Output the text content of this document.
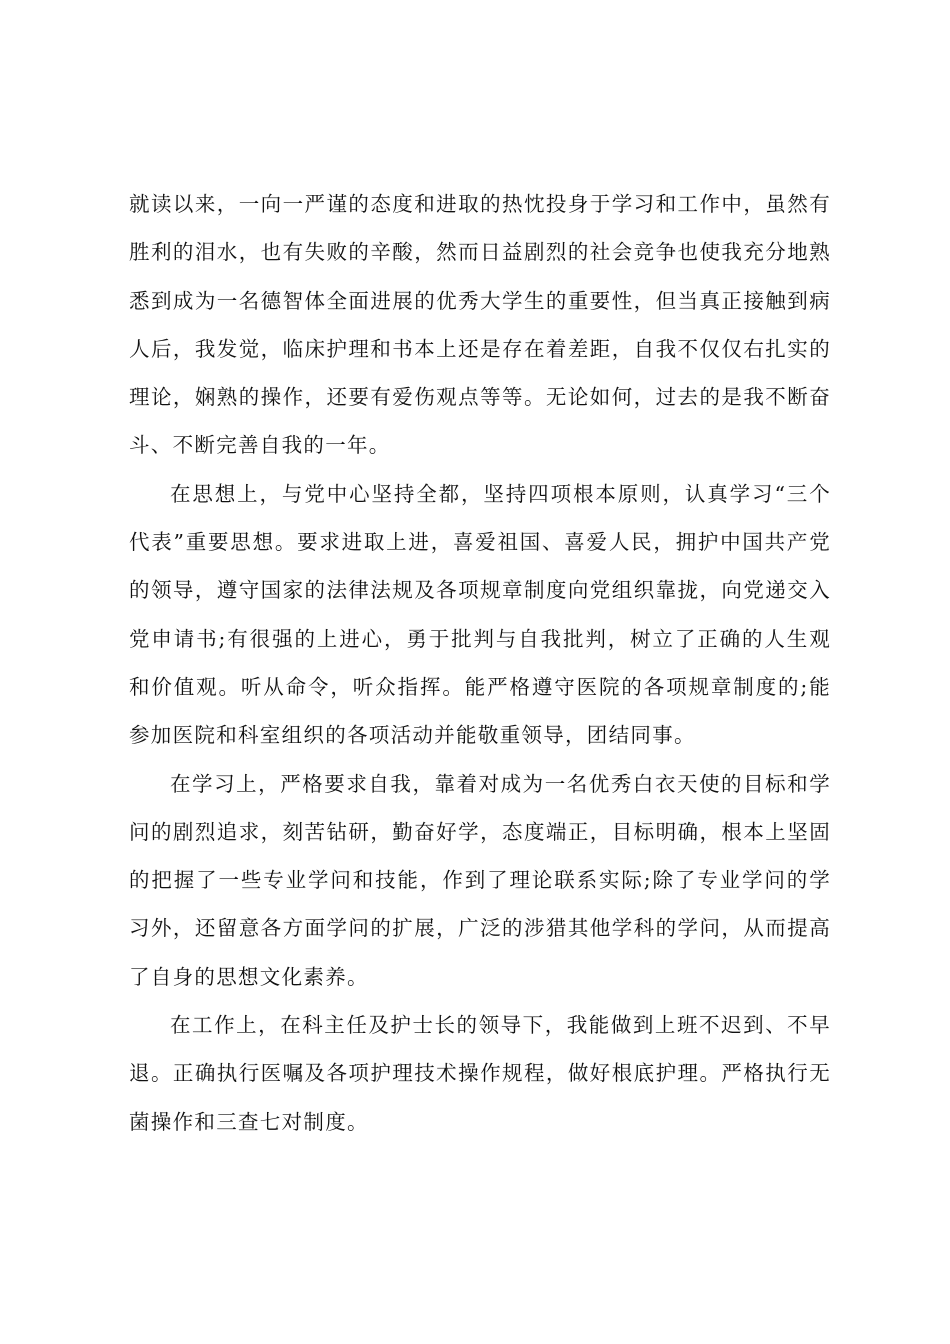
就读以来，一向一严谨的态度和进取的热忱投身于学习和工作中，虽然有胜利的泪水，也有失败的辛酸，然而日益剧烈的社会竞争也使我充分地熟悉到成为一名德智体全面进展的优秀大学生的重要性，但当真正接触到病人后，我发觉，临床护理和书本上还是存在着差距，自我不仅仅右扎实的理论，娴熟的操作，还要有爱伤观点等等。无论如何，过去的是我不断奋斗、不断完善自我的一年。

在思想上，与党中心坚持全都，坚持四项根本原则，认真学习“三个代表”重要思想。要求进取上进，喜爱祖国、喜爱人民，拥护中国共产党的领导，遵守国家的法律法规及各项规章制度向党组织靠拢，向党递交入党申请书;有很强的上进心，勇于批判与自我批判，树立了正确的人生观和价值观。听从命令，听众指挥。能严格遵守医院的各项规章制度的;能参加医院和科室组织的各项活动并能敬重领导，团结同事。

在学习上，严格要求自我，靠着对成为一名优秀白衣天使的目标和学问的剧烈追求，刻苦钻研，勤奋好学，态度端正，目标明确，根本上坚固的把握了一些专业学问和技能，作到了理论联系实际;除了专业学问的学习外，还留意各方面学问的扩展，广泛的涉猎其他学科的学问，从而提高了自身的思想文化素养。

在工作上，在科主任及护士长的领导下，我能做到上班不迟到、不早退。正确执行医嘱及各项护理技术操作规程，做好根底护理。严格执行无菌操作和三查七对制度。
